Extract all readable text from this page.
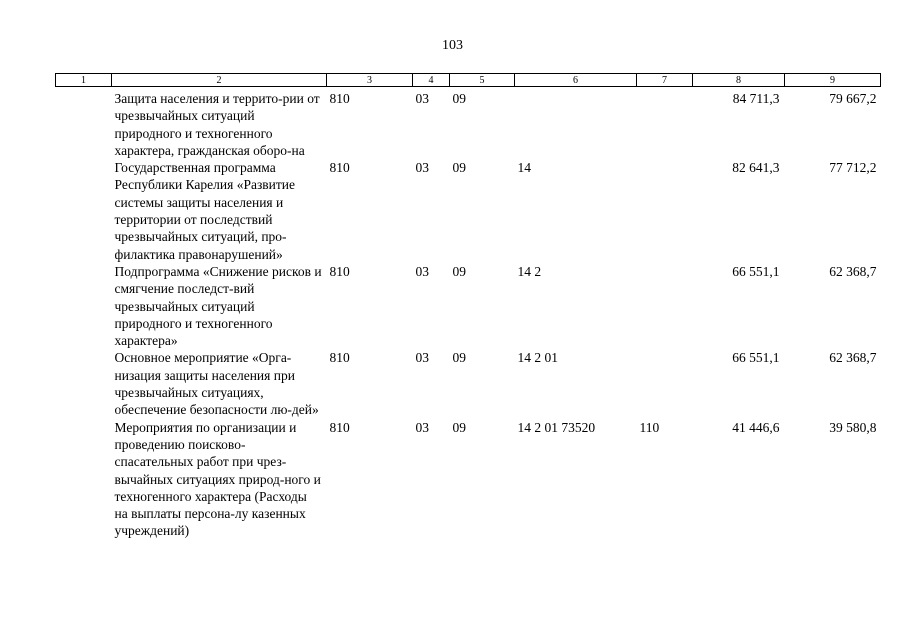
103
1	2	3	4	5	6	7	8	9
	Защита населения и террито-рии от чрезвычайных ситуаций природного и техногенного характера, гражданская оборо-на	810	03	09			84 711,3	79 667,2
	Государственная программа Республики Карелия «Развитие системы защиты населения и территории от последствий чрезвычайных ситуаций, про-филактика правонарушений»	810	03	09	14		82 641,3	77 712,2
	Подпрограмма «Снижение рисков и смягчение последст-вий чрезвычайных ситуаций природного и техногенного характера»	810	03	09	14 2		66 551,1	62 368,7
	Основное мероприятие «Орга-низация защиты населения при чрезвычайных ситуациях, обеспечение безопасности лю-дей»	810	03	09	14 2 01		66 551,1	62 368,7
	Мероприятия по организации и проведению поисково-спасательных работ при чрез-вычайных ситуациях природ-ного и техногенного характера (Расходы на выплаты персона-лу казенных учреждений)	810	03	09	14 2 01 73520	110	41 446,6	39 580,8
